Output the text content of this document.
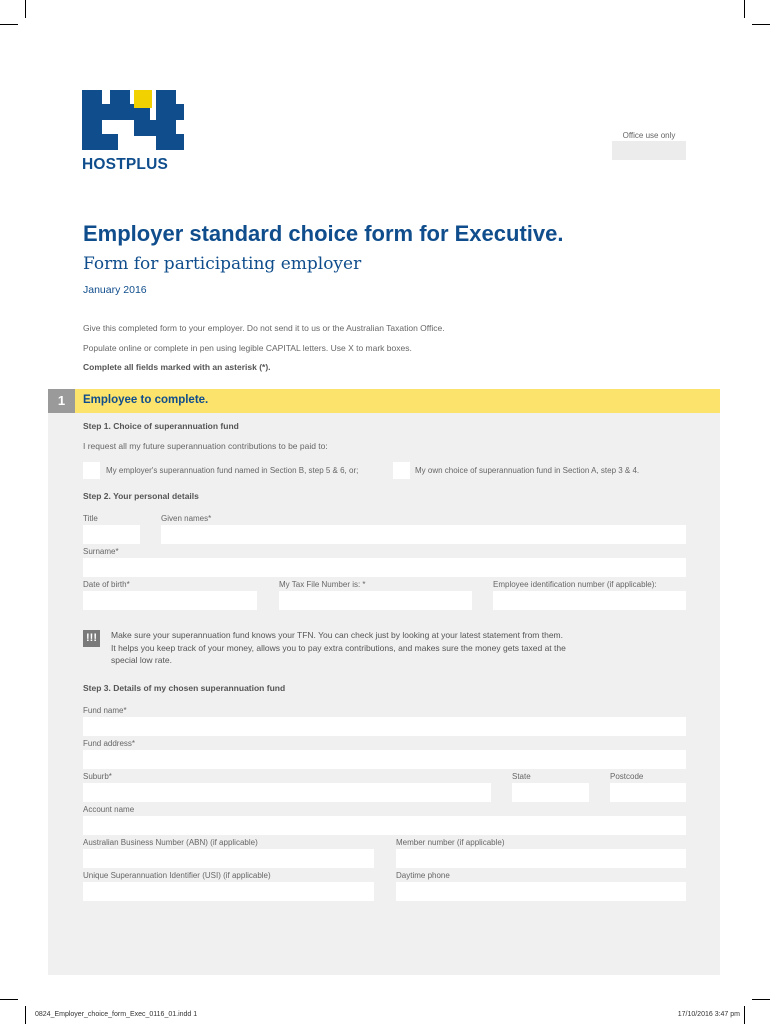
HOSTPLUS
Office use only
Employer standard choice form for Executive.
Form for participating employer
January 2016
Give this completed form to your employer. Do not send it to us or the Australian Taxation Office.
Populate online or complete in pen using legible CAPITAL letters. Use X to mark boxes.
Complete all fields marked with an asterisk (*).
1	Employee to complete.
Step 1. Choice of superannuation fund
I request all my future superannuation contributions to be paid to:
My employer's superannuation fund named in Section B, step 5 & 6, or;	My own choice of superannuation fund in Section A, step 3 & 4.
Step 2. Your personal details
Title	Given names*
Surname*
Date of birth*	My Tax File Number is: *	Employee identification number (if applicable):
!!!	Make sure your superannuation fund knows your TFN. You can check just by looking at your latest statement from them.
It helps you keep track of your money, allows you to pay extra contributions, and makes sure the money gets taxed at the
special low rate.
Step 3. Details of my chosen superannuation fund
Fund name*
Fund address*
Suburb*	State	Postcode
Account name
Australian Business Number (ABN) (if applicable)	Member number (if applicable)
Unique Superannuation Identifier (USI) (if applicable)	Daytime phone
0824_Employer_choice_form_Exec_0116_01.indd 1	17/10/2016 3:47 pm
